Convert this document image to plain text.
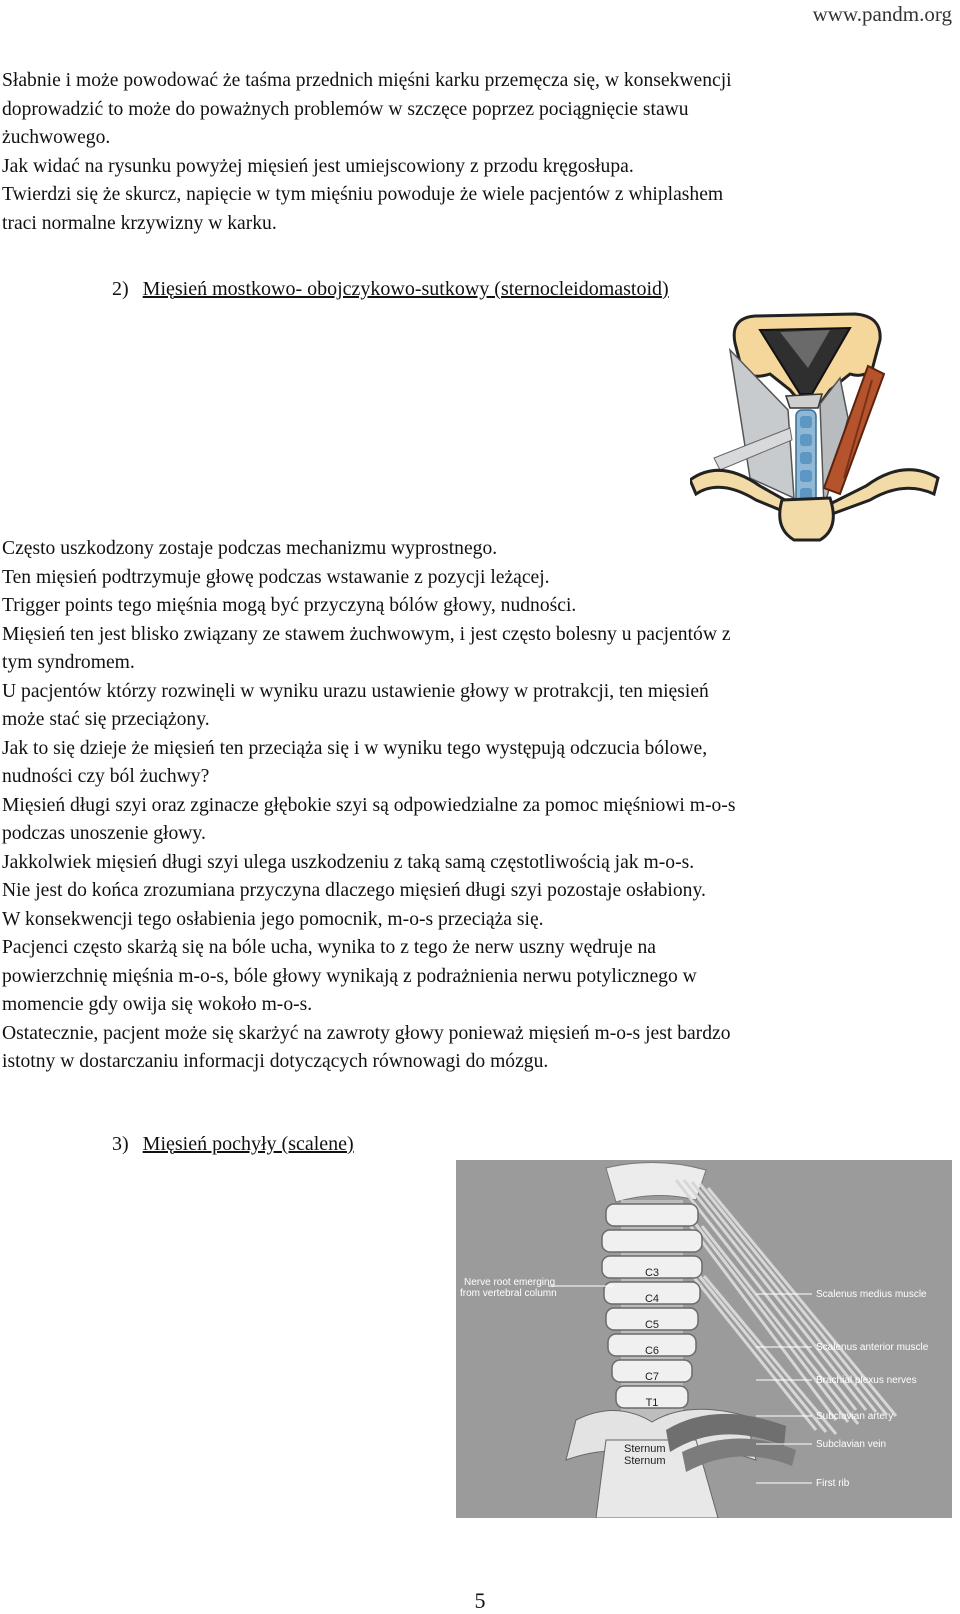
www.pandm.org

Słabnie i może powodować że taśma przednich mięśni karku przemęcza się, w konsekwencji

doprowadzić to może do poważnych problemów w szczęce poprzez pociągnięcie stawu

żuchwowego.

Jak widać na rysunku powyżej mięsień jest umiejscowiony z przodu kręgosłupa.

Twierdzi się że skurcz, napięcie w tym mięśniu powoduje że wiele pacjentów z whiplashem

traci normalne krzywizny w karku.

2) Mięsień mostkowo- obojczykowo-sutkowy (sternocleidomastoid)

Często uszkodzony zostaje podczas mechanizmu wyprostnego.

Ten mięsień podtrzymuje głowę podczas wstawanie z pozycji leżącej.

Trigger points tego mięśnia mogą być przyczyną bólów głowy, nudności.

Mięsień ten jest blisko związany ze stawem żuchwowym, i jest często bolesny u pacjentów z

tym syndromem.

U pacjentów którzy rozwinęli w wyniku urazu ustawienie głowy w protrakcji, ten mięsień

może stać się przeciążony.

Jak to się dzieje że mięsień ten przeciąża się i w wyniku tego występują odczucia bólowe,

nudności czy ból żuchwy?

Mięsień długi szyi oraz zginacze głębokie szyi są odpowiedzialne za pomoc mięśniowi m-o-s

podczas unoszenie głowy.

Jakkolwiek mięsień długi szyi ulega uszkodzeniu z taką samą częstotliwością jak m-o-s.

Nie jest do końca zrozumiana przyczyna dlaczego mięsień długi szyi pozostaje osłabiony.

W konsekwencji tego osłabienia jego pomocnik, m-o-s przeciąża się.

Pacjenci często skarżą się na bóle ucha, wynika to z tego że nerw uszny wędruje na

powierzchnię mięśnia m-o-s, bóle głowy wynikają z podrażnienia nerwu potylicznego w

momencie gdy owija się wokoło m-o-s.

Ostatecznie, pacjent może się skarżyć na zawroty głowy ponieważ mięsień m-o-s jest bardzo

istotny w dostarczaniu informacji dotyczących równowagi do mózgu.

3) Mięsień pochyły (scalene)
C3
C4
C5
C6
C7
T1
Sternum
Sternum
Nerve root emerging
from vertebral column	Scalenus medius muscle
Scalenus anterior muscle
Brachial plexus nerves
Subclavian artery
Subclavian vein
First rib
5
